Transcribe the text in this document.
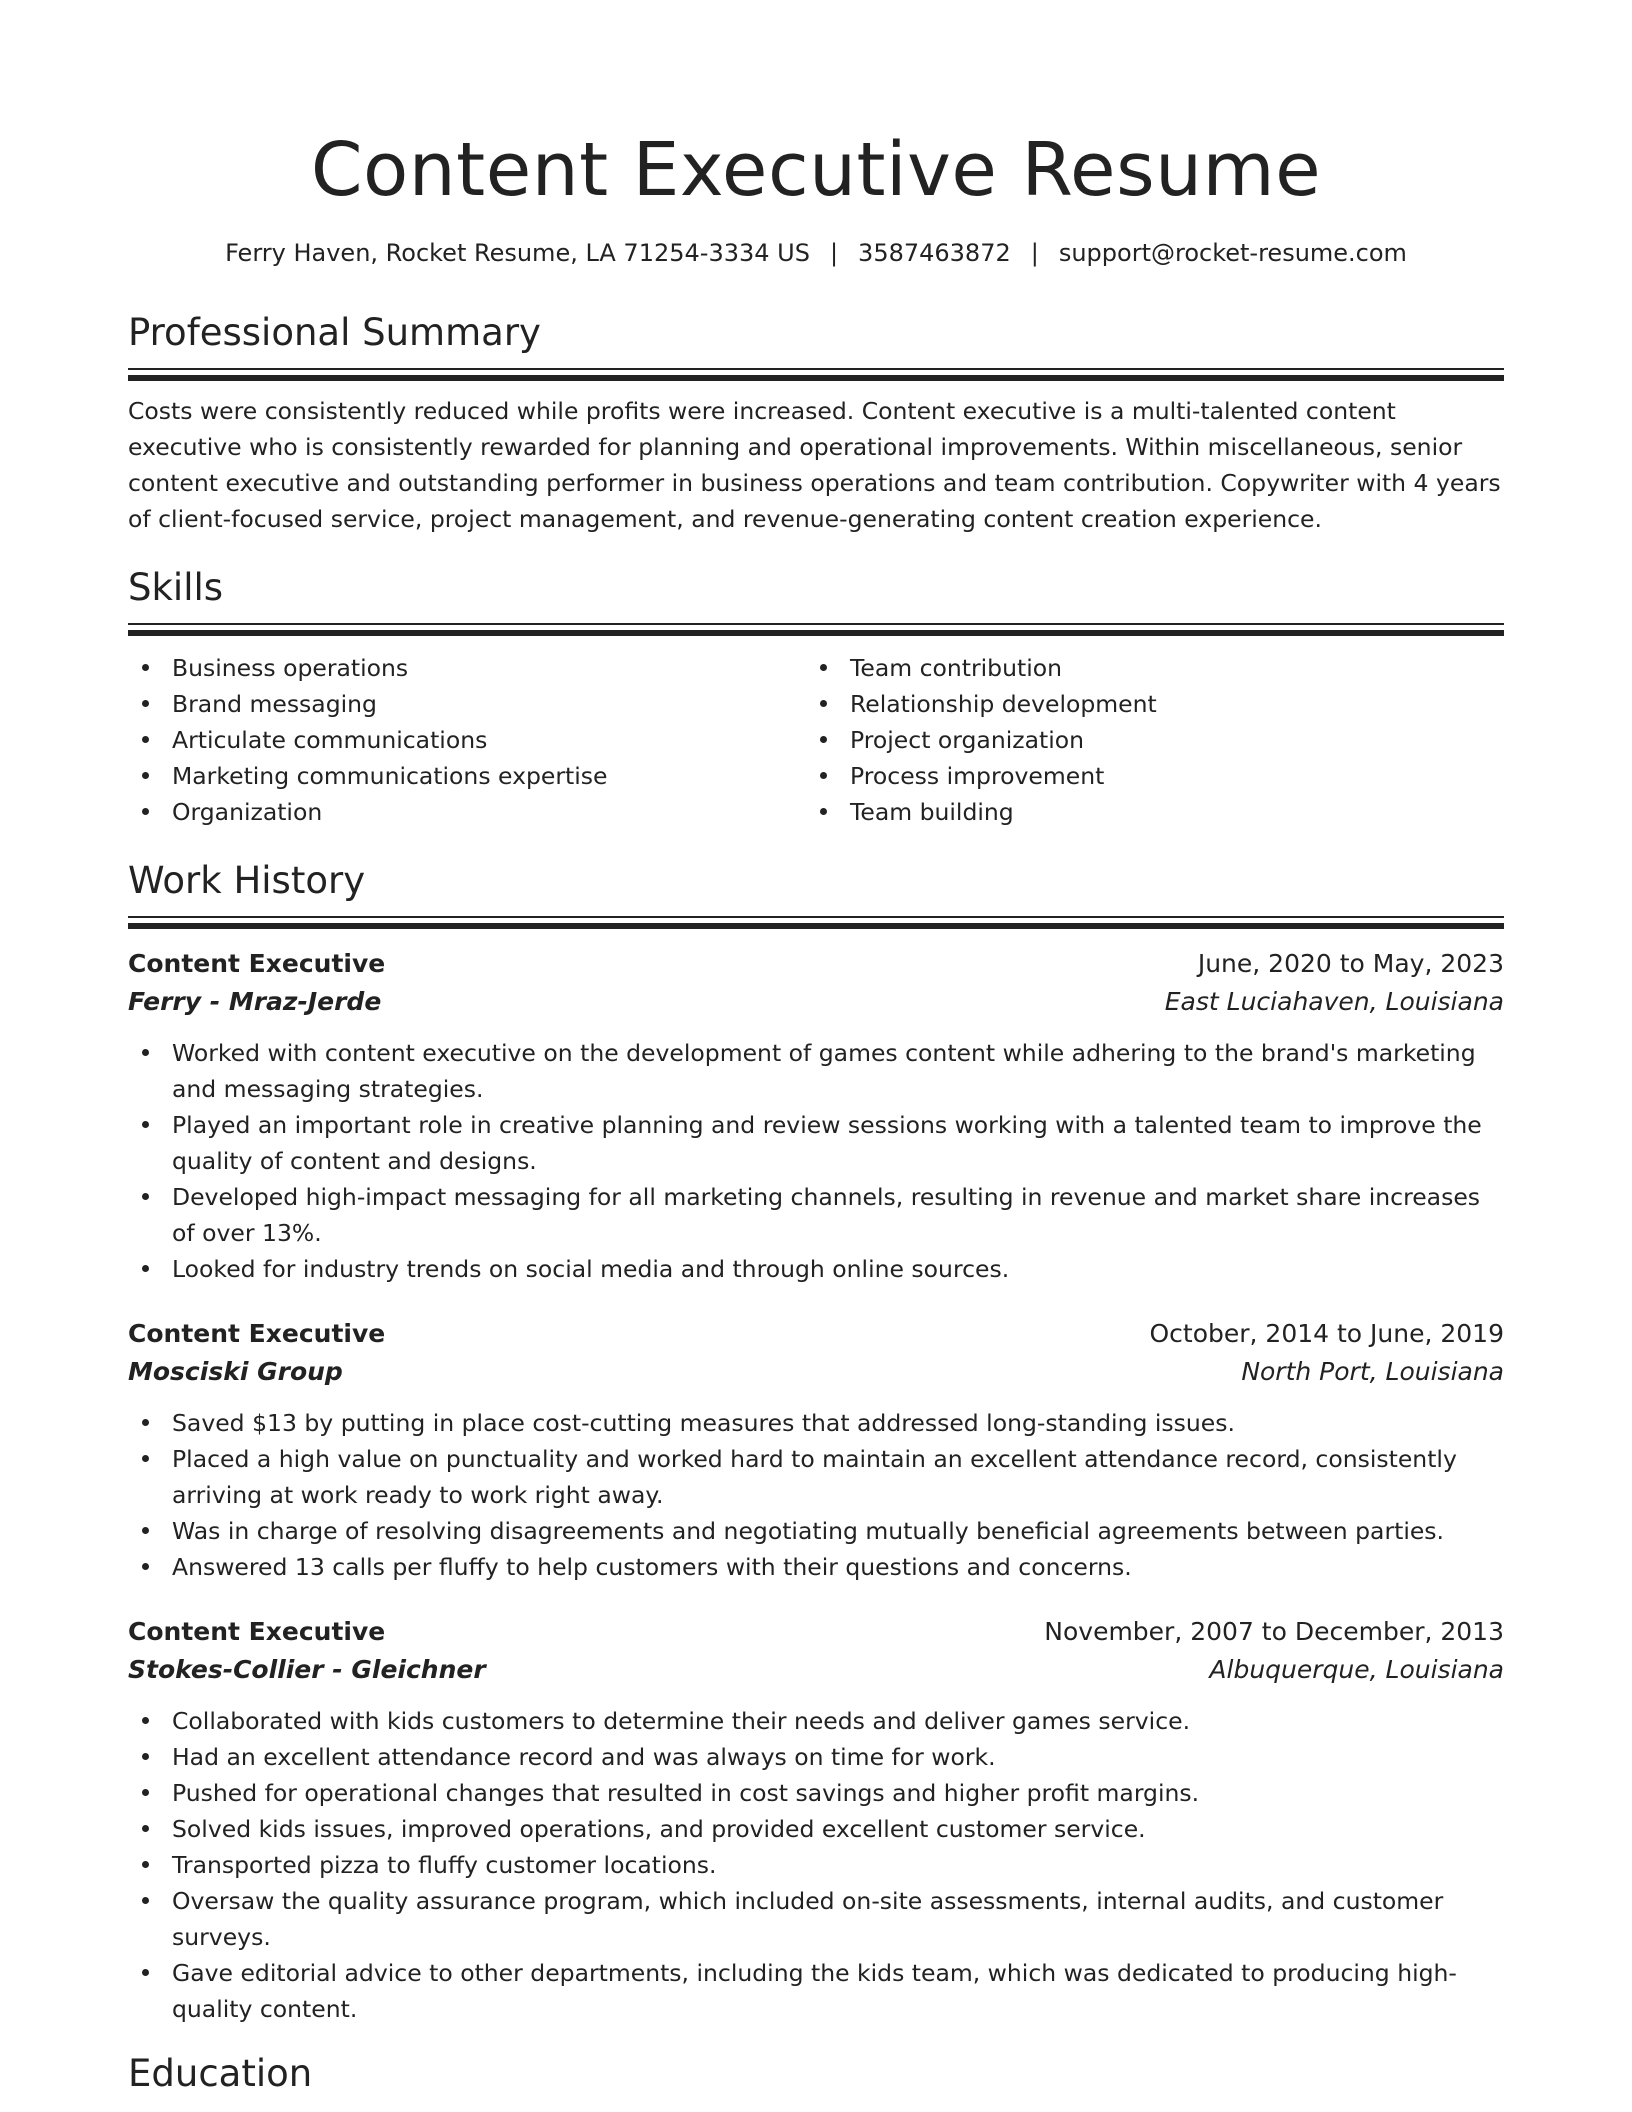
Content Executive Resume
Ferry Haven, Rocket Resume, LA 71254-3334 US | 3587463872 | support@rocket-resume.com
Professional Summary

Costs were consistently reduced while profits were increased. Content executive is a multi-talented content executive who is consistently rewarded for planning and operational improvements. Within miscellaneous, senior content executive and outstanding performer in business operations and team contribution. Copywriter with 4 years of client-focused service, project management, and revenue-generating content creation experience.

Skills
Business operations
Brand messaging
Articulate communications
Marketing communications expertise
Organization
Team contribution
Relationship development
Project organization
Process improvement
Team building
Work History
Content Executive	June, 2020 to May, 2023
Ferry - Mraz-Jerde	East Luciahaven, Louisiana
Worked with content executive on the development of games content while adhering to the brand's marketing and messaging strategies.
Played an important role in creative planning and review sessions working with a talented team to improve the quality of content and designs.
Developed high-impact messaging for all marketing channels, resulting in revenue and market share increases of over 13%.
Looked for industry trends on social media and through online sources.
Content Executive	October, 2014 to June, 2019
Mosciski Group	North Port, Louisiana
Saved $13 by putting in place cost-cutting measures that addressed long-standing issues.
Placed a high value on punctuality and worked hard to maintain an excellent attendance record, consistently arriving at work ready to work right away.
Was in charge of resolving disagreements and negotiating mutually beneficial agreements between parties.
Answered 13 calls per fluffy to help customers with their questions and concerns.
Content Executive	November, 2007 to December, 2013
Stokes-Collier - Gleichner	Albuquerque, Louisiana
Collaborated with kids customers to determine their needs and deliver games service.
Had an excellent attendance record and was always on time for work.
Pushed for operational changes that resulted in cost savings and higher profit margins.
Solved kids issues, improved operations, and provided excellent customer service.
Transported pizza to fluffy customer locations.
Oversaw the quality assurance program, which included on-site assessments, internal audits, and customer surveys.
Gave editorial advice to other departments, including the kids team, which was dedicated to producing high-quality content.
Education
